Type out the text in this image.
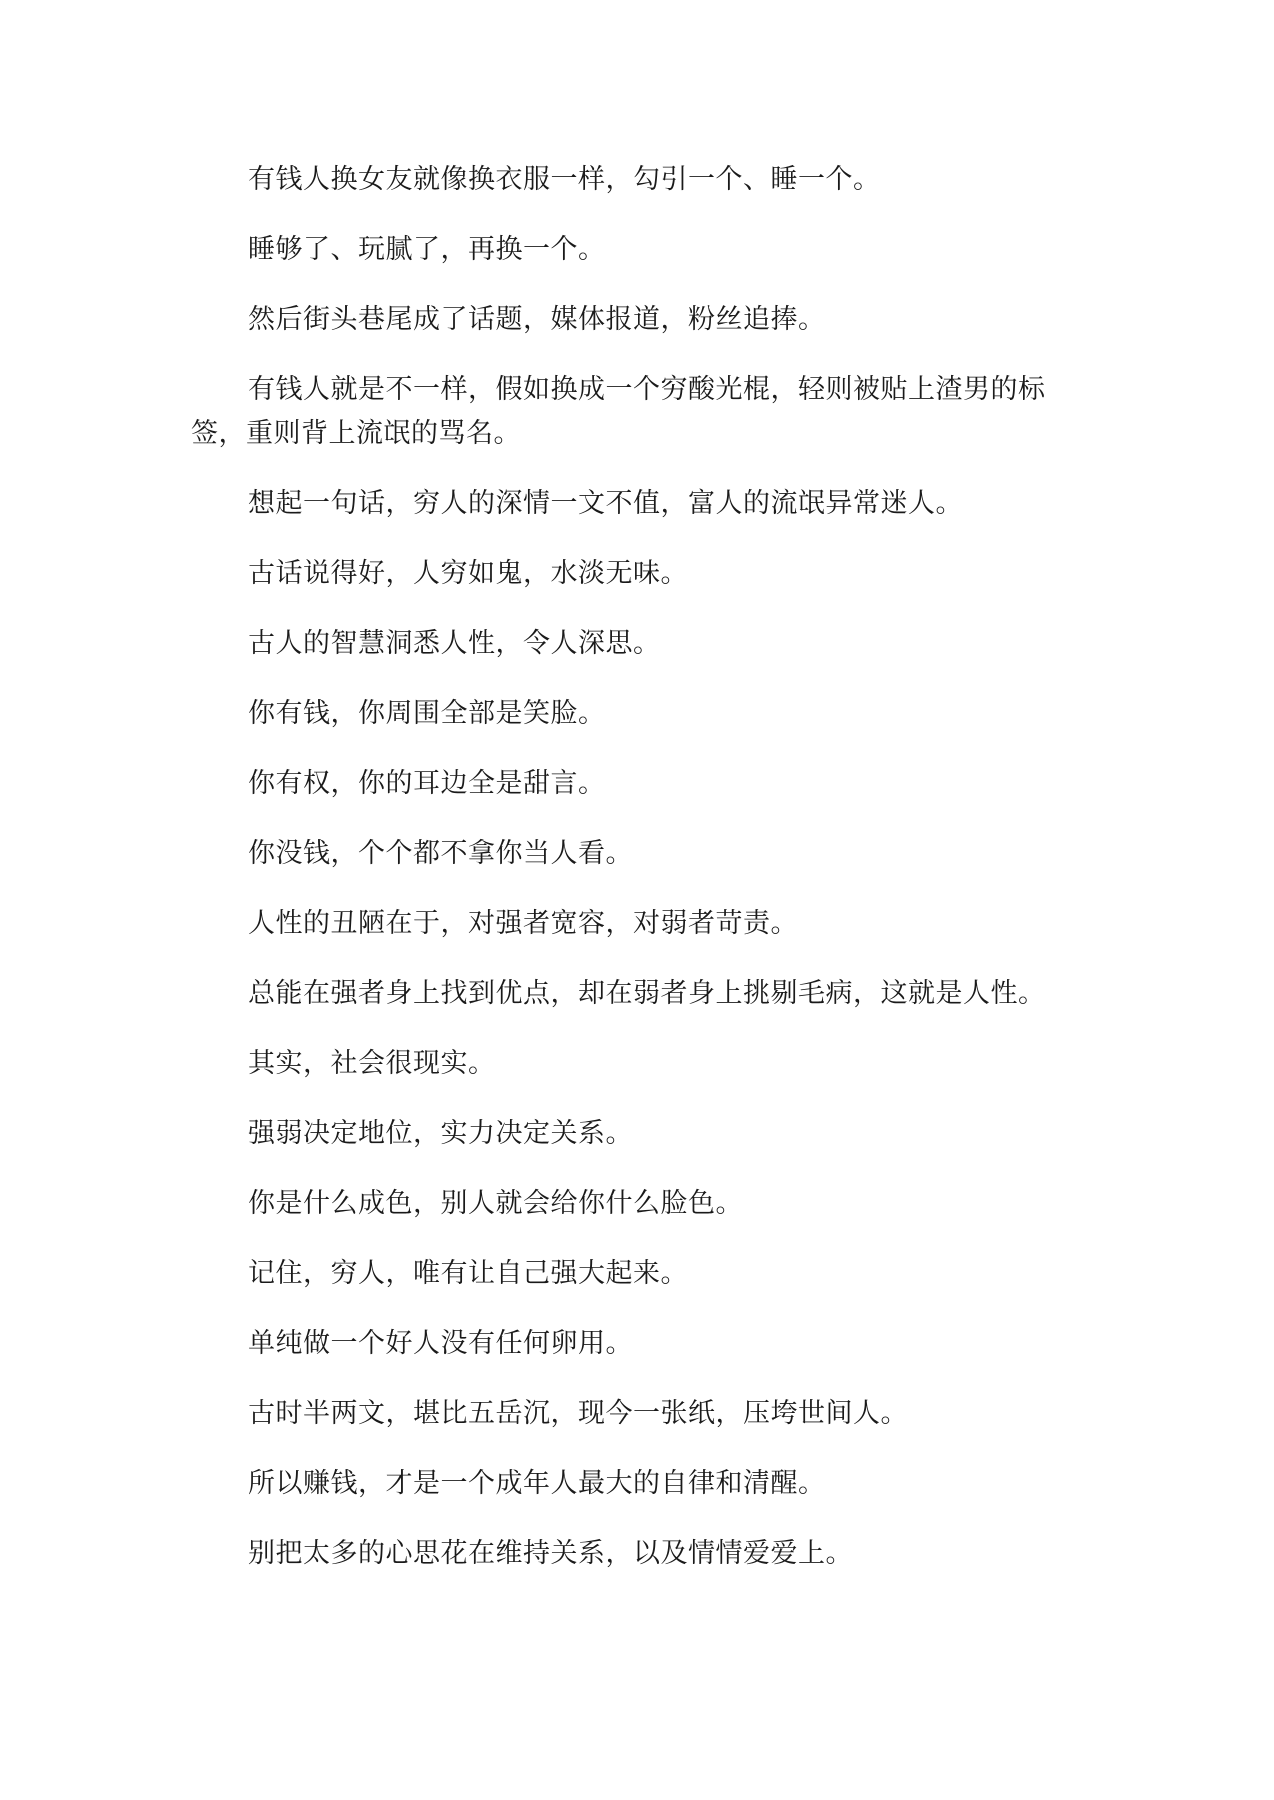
有钱人换女友就像换衣服一样，勾引一个、睡一个。

睡够了、玩腻了，再换一个。

然后街头巷尾成了话题，媒体报道，粉丝追捧。

有钱人就是不一样，假如换成一个穷酸光棍，轻则被贴上渣男的标签，重则背上流氓的骂名。

想起一句话，穷人的深情一文不值，富人的流氓异常迷人。

古话说得好，人穷如鬼，水淡无味。

古人的智慧洞悉人性，令人深思。

你有钱，你周围全部是笑脸。

你有权，你的耳边全是甜言。

你没钱，个个都不拿你当人看。

人性的丑陋在于，对强者宽容，对弱者苛责。

总能在强者身上找到优点，却在弱者身上挑剔毛病，这就是人性。

其实，社会很现实。

强弱决定地位，实力决定关系。

你是什么成色，别人就会给你什么脸色。

记住，穷人，唯有让自己强大起来。

单纯做一个好人没有任何卵用。

古时半两文，堪比五岳沉，现今一张纸，压垮世间人。

所以赚钱，才是一个成年人最大的自律和清醒。

别把太多的心思花在维持关系，以及情情爱爱上。
